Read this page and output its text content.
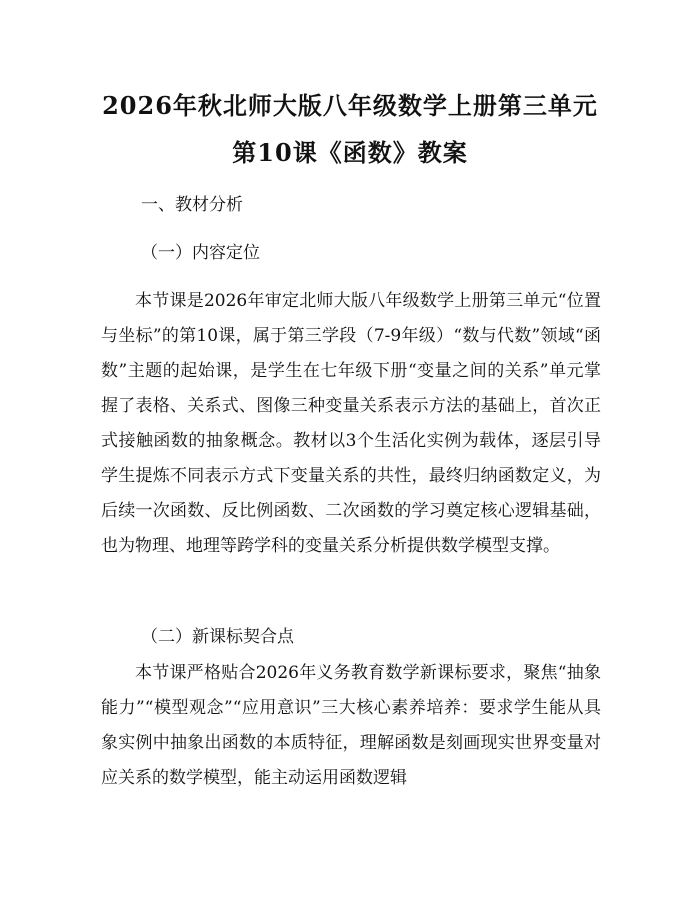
2026年秋北师大版八年级数学上册第三单元
第10课《函数》教案
一、教材分析
（一）内容定位
本节课是2026年审定北师大版八年级数学上册第三单元“位置与坐标”的第10课，属于第三学段（7-9年级）“数与代数”领域“函数”主题的起始课，是学生在七年级下册“变量之间的关系”单元掌握了表格、关系式、图像三种变量关系表示方法的基础上，首次正式接触函数的抽象概念。教材以3个生活化实例为载体，逐层引导学生提炼不同表示方式下变量关系的共性，最终归纳函数定义，为后续一次函数、反比例函数、二次函数的学习奠定核心逻辑基础，也为物理、地理等跨学科的变量关系分析提供数学模型支撑。
（二）新课标契合点
本节课严格贴合2026年义务教育数学新课标要求，聚焦“抽象能力”“模型观念”“应用意识”三大核心素养培养：要求学生能从具象实例中抽象出函数的本质特征，理解函数是刻画现实世界变量对应关系的数学模型，能主动运用函数逻辑
